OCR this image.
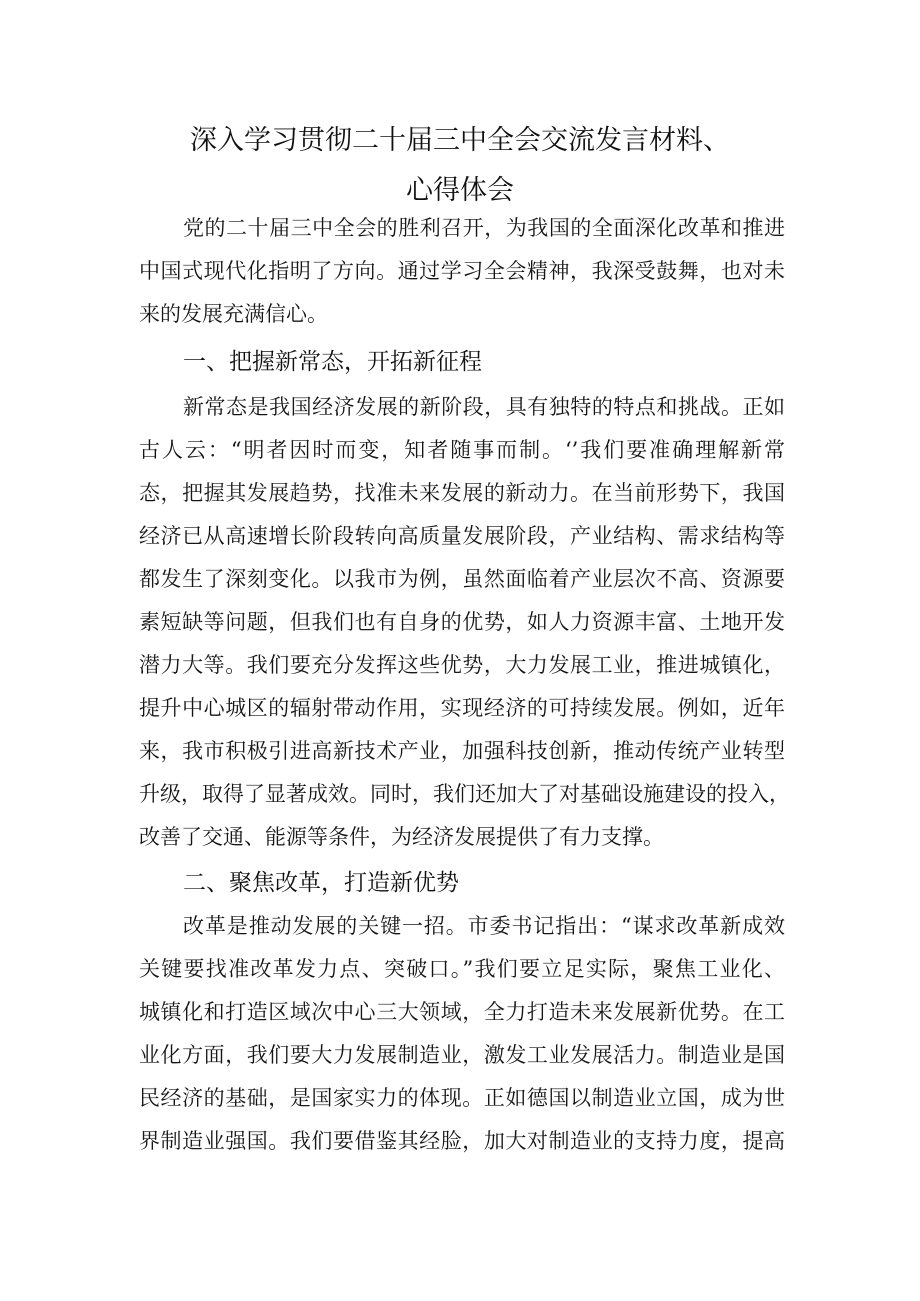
深入学习贯彻二十届三中全会交流发言材料、
心得体会
党的二十届三中全会的胜利召开，为我国的全面深化改革和推进
中国式现代化指明了方向。通过学习全会精神，我深受鼓舞，也对未
来的发展充满信心。
一、把握新常态，开拓新征程
新常态是我国经济发展的新阶段，具有独特的特点和挑战。正如
古人云：“明者因时而变，知者随事而制。‘’我们要准确理解新常
态，把握其发展趋势，找准未来发展的新动力。在当前形势下，我国
经济已从高速增长阶段转向高质量发展阶段，产业结构、需求结构等
都发生了深刻变化。以我市为例，虽然面临着产业层次不高、资源要
素短缺等问题，但我们也有自身的优势，如人力资源丰富、土地开发
潜力大等。我们要充分发挥这些优势，大力发展工业，推进城镇化，
提升中心城区的辐射带动作用，实现经济的可持续发展。例如，近年
来，我市积极引进高新技术产业，加强科技创新，推动传统产业转型
升级，取得了显著成效。同时，我们还加大了对基础设施建设的投入，
改善了交通、能源等条件，为经济发展提供了有力支撑。
二、聚焦改革，打造新优势
改革是推动发展的关键一招。市委书记指出：“谋求改革新成效
关键要找准改革发力点、突破口。”我们要立足实际，聚焦工业化、
城镇化和打造区域次中心三大领域，全力打造未来发展新优势。在工
业化方面，我们要大力发展制造业，激发工业发展活力。制造业是国
民经济的基础，是国家实力的体现。正如德国以制造业立国，成为世
界制造业强国。我们要借鉴其经脸，加大对制造业的支持力度，提高
